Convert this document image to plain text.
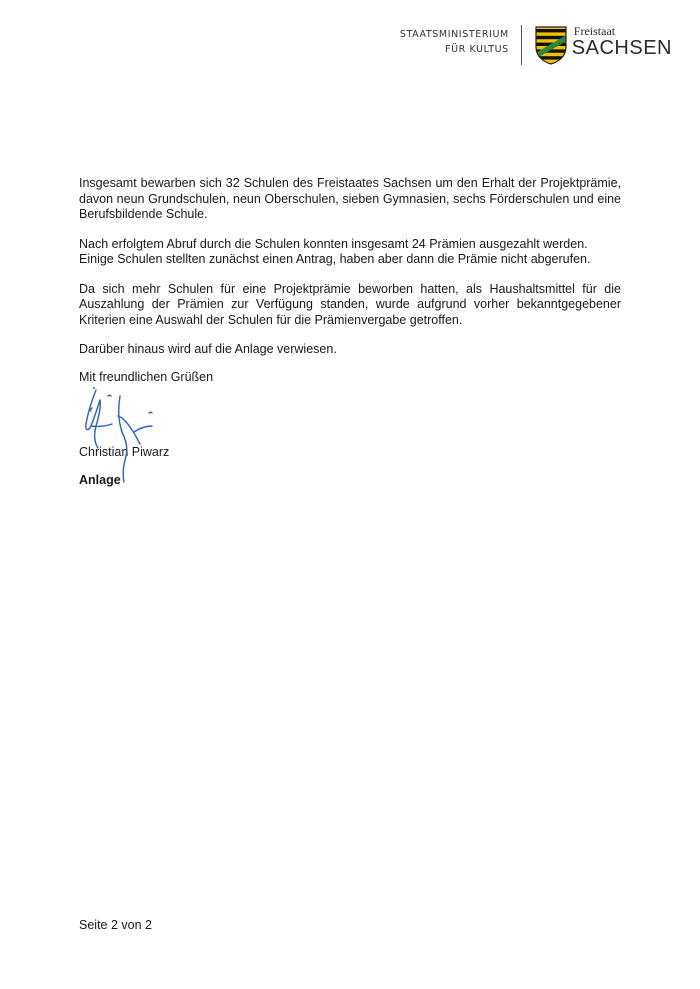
STAATSMINISTERIUM
FÜR KULTUS
Freistaat
SACHSEN

Insgesamt bewarben sich 32 Schulen des Freistaates Sachsen um den Erhalt der Projektprämie, davon neun Grundschulen, neun Oberschulen, sieben Gymnasien, sechs Förderschulen und eine Berufsbildende Schule.

Nach erfolgtem Abruf durch die Schulen konnten insgesamt 24 Prämien ausgezahlt werden. Einige Schulen stellten zunächst einen Antrag, haben aber dann die Prämie nicht abgerufen.

Da sich mehr Schulen für eine Projektprämie beworben hatten, als Haushaltsmittel für die Auszahlung der Prämien zur Verfügung standen, wurde aufgrund vorher bekanntgegebener Kriterien eine Auswahl der Schulen für die Prämienvergabe getroffen.

Darüber hinaus wird auf die Anlage verwiesen.

Mit freundlichen Grüßen
Christian Piwarz
Anlage
Seite 2 von 2
